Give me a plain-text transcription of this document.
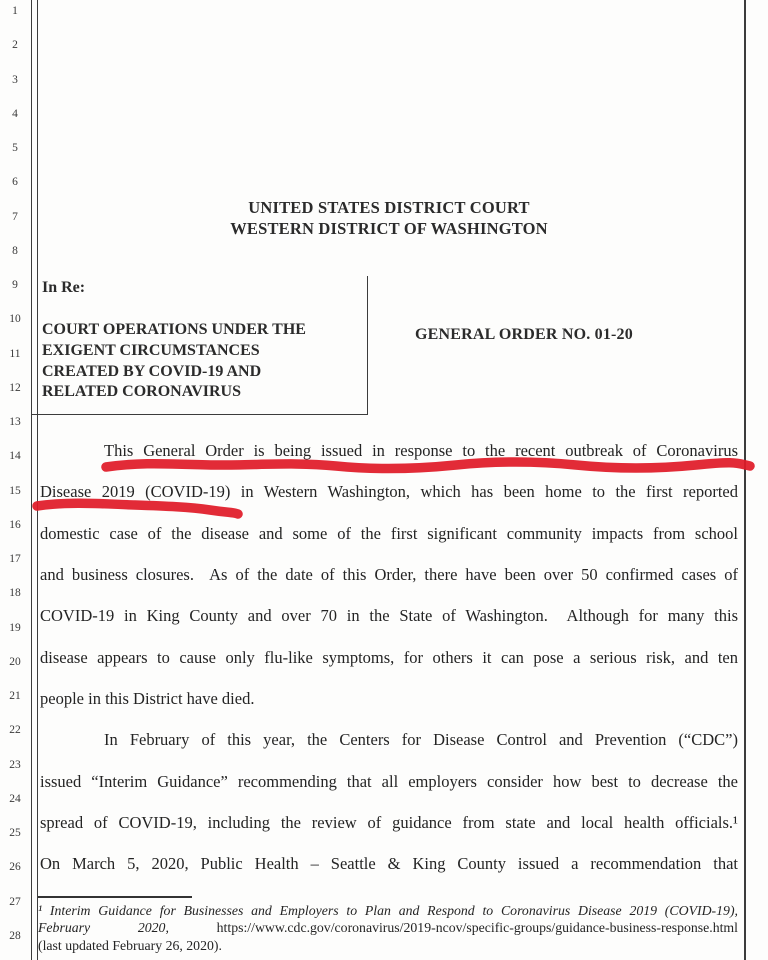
1
2
3
4
5
6
7
8
9
10
11
12
13
14
15
16
17
18
19
20
21
22
23
24
25
26
27
28
UNITED STATES DISTRICT COURT
WESTERN DISTRICT OF WASHINGTON
In Re:
COURT OPERATIONS UNDER THE
EXIGENT CIRCUMSTANCES
CREATED BY COVID-19 AND
RELATED CORONAVIRUS
GENERAL ORDER NO. 01-20
This General Order is being issued in response to the recent outbreak of Coronavirus
Disease 2019 (COVID-19) in Western Washington, which has been home to the first reported
domestic case of the disease and some of the first significant community impacts from school
and business closures.  As of the date of this Order, there have been over 50 confirmed cases of
COVID-19 in King County and over 70 in the State of Washington.  Although for many this
disease appears to cause only flu-like symptoms, for others it can pose a serious risk, and ten
people in this District have died.
In February of this year, the Centers for Disease Control and Prevention (“CDC”)
issued “Interim Guidance” recommending that all employers consider how best to decrease the
spread of COVID-19, including the review of guidance from state and local health officials.¹
On March 5, 2020, Public Health – Seattle & King County issued a recommendation that
¹ Interim Guidance for Businesses and Employers to Plan and Respond to Coronavirus Disease 2019 (COVID-19),
February 2020,	https://www.cdc.gov/coronavirus/2019-ncov/specific-groups/guidance-business-response.html
(last updated February 26, 2020).
